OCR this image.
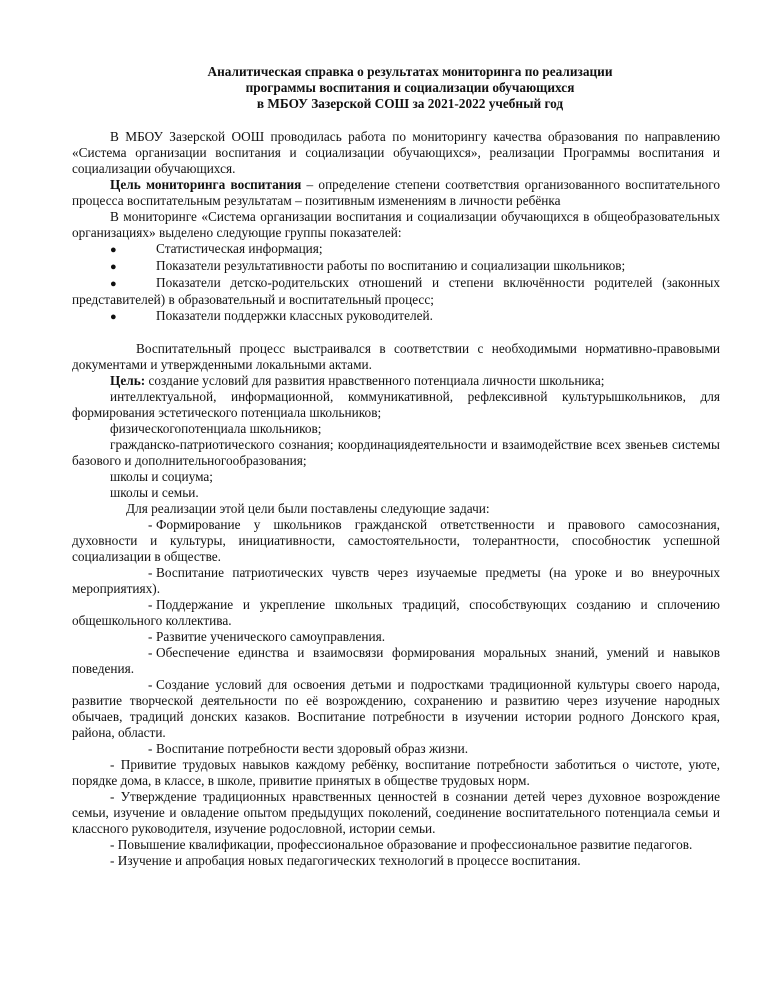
Аналитическая справка о результатах мониторинга по реализации
программы воспитания и социализации обучающихся
в МБОУ Зазерской СОШ за 2021-2022 учебный год

В МБОУ Зазерской ООШ проводилась работа по мониторингу качества образования по направлению «Система организации воспитания и социализации обучающихся», реализации Программы воспитания и социализации обучающихся.

Цель мониторинга воспитания – определение степени соответствия организованного воспитательного процесса воспитательным результатам – позитивным изменениям в личности ребёнка

В мониторинге «Система организации воспитания и социализации обучающихся в общеобразовательных организациях» выделено следующие группы показателей:

●	Статистическая информация;
●	Показатели результативности работы по воспитанию и социализации школьников;

●	Показатели детско-родительских отношений и степени включённости родителей (законных представителей) в образовательный и воспитательный процесс;

●	Показатели поддержки классных руководителей.

Воспитательный процесс выстраивался в соответствии с необходимыми нормативно-правовыми документами и утвержденными локальными актами.

Цель: создание условий для развития нравственного потенциала личности школьника;

интеллектуальной, информационной, коммуникативной, рефлексивной культурышкольников, для формирования эстетического потенциала школьников;

физическогопотенциала школьников;

гражданско-патриотического сознания; координациядеятельности и взаимодействие всех звеньев системы базового и дополнительногообразования;

школы и социума;

школы и семьи.

Для реализации этой цели были поставлены следующие задачи:

- Формирование у школьников гражданской ответственности и правового самосознания, духовности и культуры, инициативности, самостоятельности, толерантности, способностик успешной социализации в обществе.

- Воспитание патриотических чувств через изучаемые предметы (на уроке и во внеурочных мероприятиях).

- Поддержание и укрепление школьных традиций, способствующих созданию и сплочению общешкольного коллектива.

- Развитие ученического самоуправления.

- Обеспечение единства и взаимосвязи формирования моральных знаний, умений и навыков поведения.

- Создание условий для освоения детьми и подростками традиционной культуры своего народа, развитие творческой деятельности по её возрождению, сохранению и развитию через изучение народных обычаев, традиций донских казаков. Воспитание потребности в изучении истории родного Донского края, района, области.

- Воспитание потребности вести здоровый образ жизни.

- Привитие трудовых навыков каждому ребёнку, воспитание потребности заботиться о чистоте, уюте, порядке дома, в классе, в школе, привитие принятых в обществе трудовых норм.

- Утверждение традиционных нравственных ценностей в сознании детей через духовное возрождение семьи, изучение и овладение опытом предыдущих поколений, соединение воспитательного потенциала семьи и классного руководителя, изучение родословной, истории семьи.

- Повышение квалификации, профессиональное образование и профессиональное развитие педагогов.

- Изучение и апробация новых педагогических технологий в процессе воспитания.
